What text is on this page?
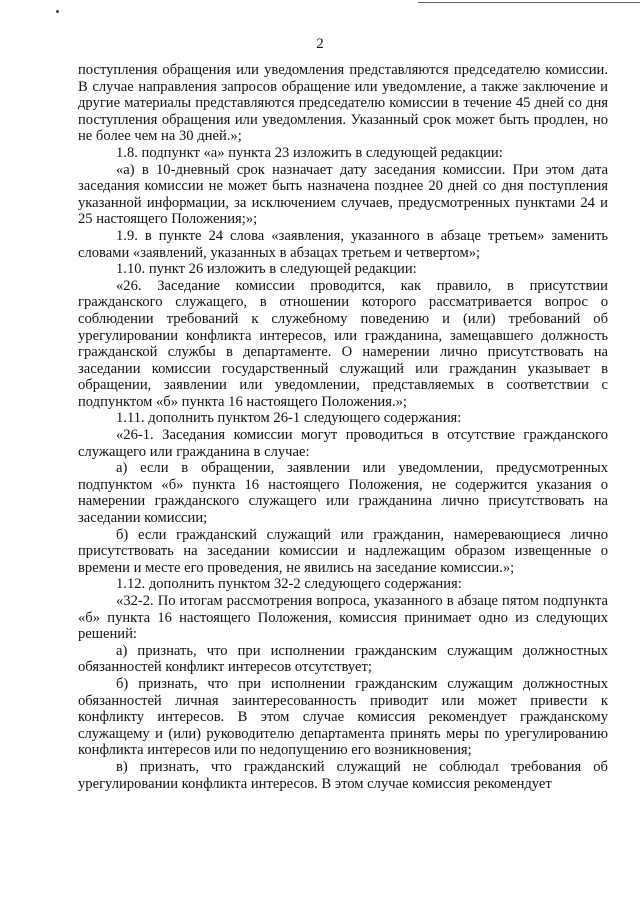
2

поступления обращения или уведомления представляются председателю комиссии. В случае направления запросов обращение или уведомление, а также заключение и другие материалы представляются председателю комиссии в течение 45 дней со дня поступления обращения или уведомления. Указанный срок может быть продлен, но не более чем на 30 дней.»;

1.8. подпункт «а» пункта 23 изложить в следующей редакции:

«а) в 10-дневный срок назначает дату заседания комиссии. При этом дата заседания комиссии не может быть назначена позднее 20 дней со дня поступления указанной информации, за исключением случаев, предусмотренных пунктами 24 и 25 настоящего Положения;»;

1.9. в пункте 24 слова «заявления, указанного в абзаце третьем» заменить словами «заявлений, указанных в абзацах третьем и четвертом»;

1.10. пункт 26 изложить в следующей редакции:

«26. Заседание комиссии проводится, как правило, в присутствии гражданского служащего, в отношении которого рассматривается вопрос о соблюдении требований к служебному поведению и (или) требований об урегулировании конфликта интересов, или гражданина, замещавшего должность гражданской службы в департаменте. О намерении лично присутствовать на заседании комиссии государственный служащий или гражданин указывает в обращении, заявлении или уведомлении, представляемых в соответствии с подпунктом «б» пункта 16 настоящего Положения.»;

1.11. дополнить пунктом 26-1 следующего содержания:

«26-1. Заседания комиссии могут проводиться в отсутствие гражданского служащего или гражданина в случае:

а) если в обращении, заявлении или уведомлении, предусмотренных подпунктом «б» пункта 16 настоящего Положения, не содержится указания о намерении гражданского служащего или гражданина лично присутствовать на заседании комиссии;

б) если гражданский служащий или гражданин, намеревающиеся лично присутствовать на заседании комиссии и надлежащим образом извещенные о времени и месте его проведения, не явились на заседание комиссии.»;

1.12. дополнить пунктом 32-2 следующего содержания:

«32-2. По итогам рассмотрения вопроса, указанного в абзаце пятом подпункта «б» пункта 16 настоящего Положения, комиссия принимает одно из следующих решений:

а) признать, что при исполнении гражданским служащим должностных обязанностей конфликт интересов отсутствует;

б) признать, что при исполнении гражданским служащим должностных обязанностей личная заинтересованность приводит или может привести к конфликту интересов. В этом случае комиссия рекомендует гражданскому служащему и (или) руководителю департамента принять меры по урегулированию конфликта интересов или по недопущению его возникновения;

в) признать, что гражданский служащий не соблюдал требования об урегулировании конфликта интересов. В этом случае комиссия рекомендует
